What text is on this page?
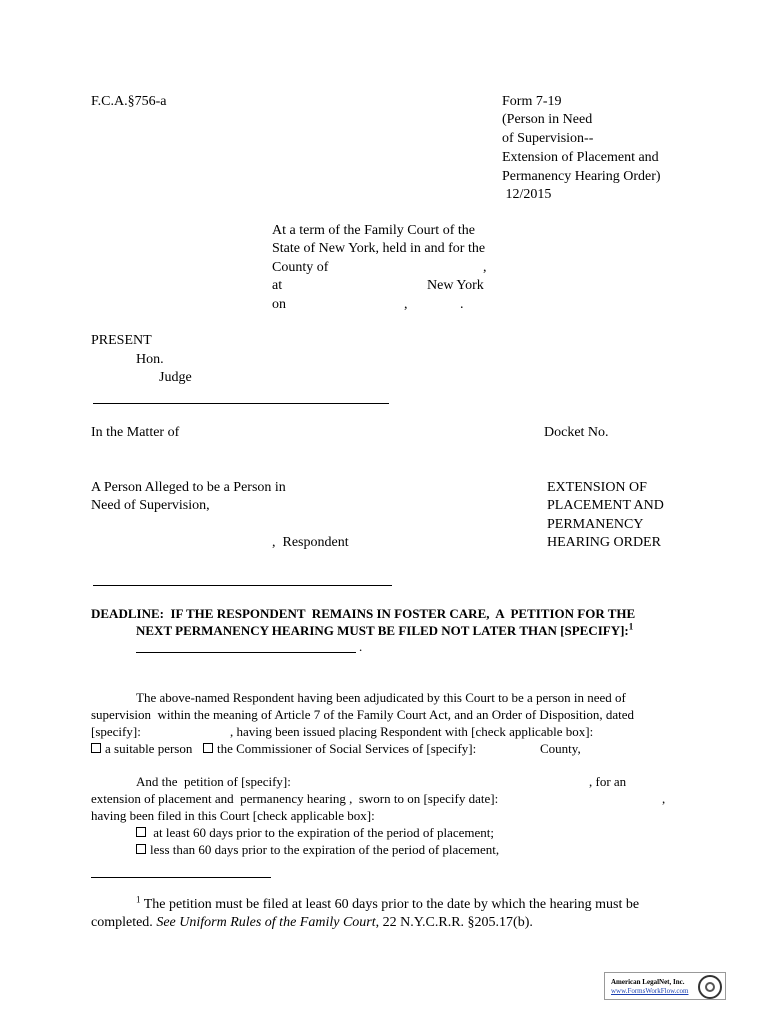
F.C.A.§756-a	Form 7-19
(Person in Need
of Supervision--
Extension of Placement and
Permanency Hearing Order)
12/2015
At a term of the Family Court of the
State of New York, held in and for the
County of	,
at	New York
on	,	.
PRESENT
Hon.
Judge
In the Matter of	Docket No.
A Person Alleged to be a Person in
Need of Supervision,
,  Respondent
EXTENSION OF
PLACEMENT AND
PERMANENCY
HEARING ORDER
DEADLINE:  IF THE RESPONDENT  REMAINS IN FOSTER CARE,  A  PETITION FOR THE
NEXT PERMANENCY HEARING MUST BE FILED NOT LATER THAN [SPECIFY]:$^1$
.
The above-named Respondent having been adjudicated by this Court to be a person in need of
supervision  within the meaning of Article 7 of the Family Court Act, and an Order of Disposition, dated
[specify]:	, having been issued placing Respondent with [check applicable box]:
a suitable person	the Commissioner of Social Services of [specify]:	County,
And the  petition of [specify]:	, for an
extension of placement and  permanency hearing ,  sworn to on [specify date]:	,
having been filed in this Court [check applicable box]:
at least 60 days prior to the expiration of the period of placement;
less than 60 days prior to the expiration of the period of placement,
$^1$ The petition must be filed at least 60 days prior to the date by which the hearing must be
completed. See Uniform Rules of the Family Court, 22 N.Y.C.R.R. §205.17(b).
American LegalNet, Inc.
www.FormsWorkFlow.com
